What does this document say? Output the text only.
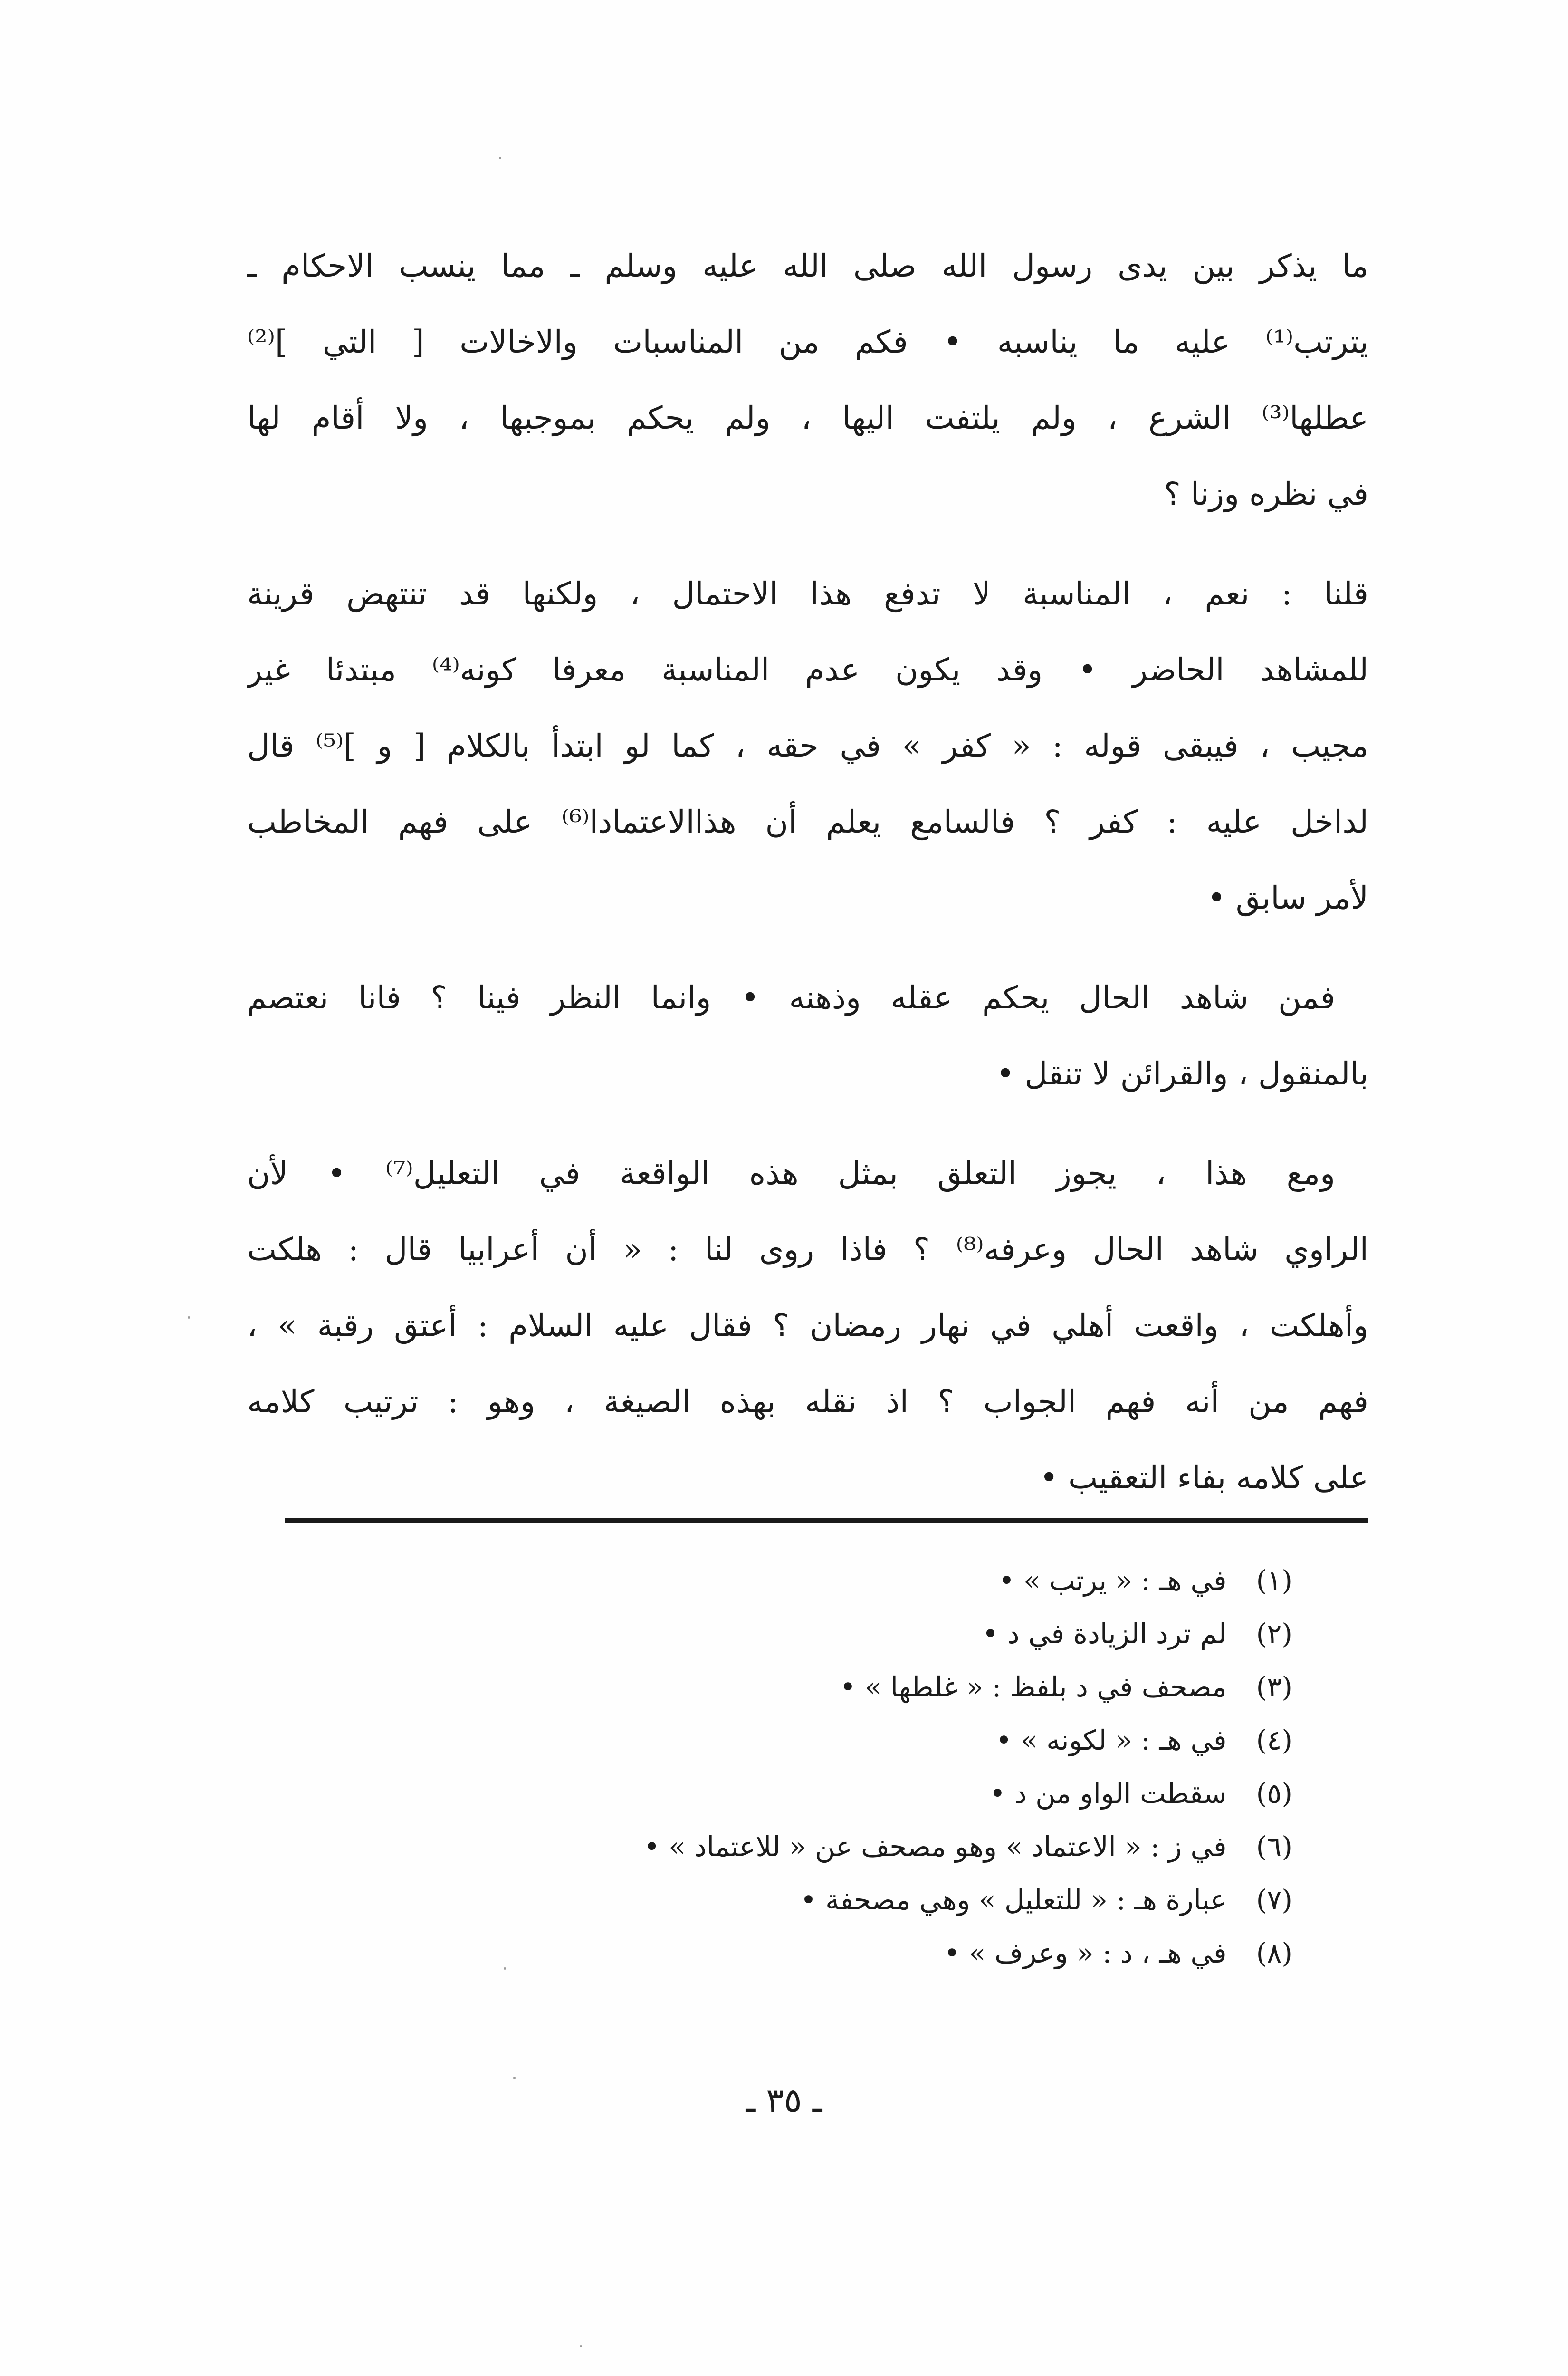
ما يذكر بين يدى رسول الله صلى الله عليه وسلم ـ مما ينسب الاحكام ـ
يترتب⁽¹⁾ عليه ما يناسبه • فكم من المناسبات والاخالات [ التي ]⁽²⁾
عطلها⁽³⁾ الشرع ، ولم يلتفت اليها ، ولم يحكم بموجبها ، ولا أقام لها
في نظره وزنا ؟
قلنا : نعم ، المناسبة لا تدفع هذا الاحتمال ، ولكنها قد تنتهض قرينة
للمشاهد الحاضر • وقد يكون عدم المناسبة معرفا كونه⁽⁴⁾ مبتدئا غير
مجيب ، فيبقى قوله : « كفر » في حقه ، كما لو ابتدأ بالكلام [ و ]⁽⁵⁾ قال
لداخل عليه : كفر ؟ فالسامع يعلم أن هذاالاعتمادا⁽⁶⁾ على فهم المخاطب
لأمر سابق •
فمن شاهد الحال يحكم عقله وذهنه • وانما النظر فينا ؟ فانا نعتصم
بالمنقول ، والقرائن لا تنقل •
ومع هذا ، يجوز التعلق بمثل هذه الواقعة في التعليل⁽⁷⁾ • لأن
الراوي شاهد الحال وعرفه⁽⁸⁾ ؟ فاذا روى لنا : « أن أعرابيا قال : هلكت
وأهلكت ، واقعت أهلي في نهار رمضان ؟ فقال عليه السلام : أعتق رقبة » ،
فهم من أنه فهم الجواب ؟ اذ نقله بهذه الصيغة ، وهو : ترتيب كلامه
على كلامه بفاء التعقيب •
(١) في هـ : « يرتب » •
(٢) لم ترد الزيادة في د •
(٣) مصحف في د بلفظ : « غلطها » •
(٤) في هـ : « لكونه » •
(٥) سقطت الواو من د •
(٦) في ز : « الاعتماد » وهو مصحف عن « للاعتماد » •
(٧) عبارة هـ : « للتعليل » وهي مصحفة •
(٨) في هـ ، د : « وعرف » •
ـ ٣٥ ـ
